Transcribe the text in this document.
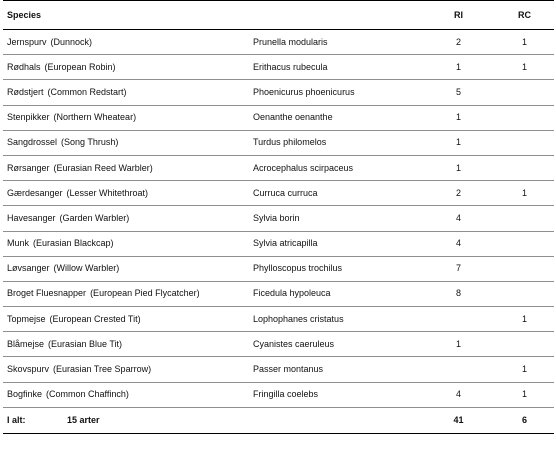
Species		RI	RC
Jernspurv (Dunnock)	Prunella modularis	2	1
Rødhals (European Robin)	Erithacus rubecula	1	1
Rødstjert (Common Redstart)	Phoenicurus phoenicurus	5	
Stenpikker (Northern Wheatear)	Oenanthe oenanthe	1	
Sangdrossel (Song Thrush)	Turdus philomelos	1	
Rørsanger (Eurasian Reed Warbler)	Acrocephalus scirpaceus	1	
Gærdesanger (Lesser Whitethroat)	Curruca curruca	2	1
Havesanger (Garden Warbler)	Sylvia borin	4	
Munk (Eurasian Blackcap)	Sylvia atricapilla	4	
Løvsanger (Willow Warbler)	Phylloscopus trochilus	7	
Broget Fluesnapper (European Pied Flycatcher)	Ficedula hypoleuca	8	
Topmejse (European Crested Tit)	Lophophanes cristatus		1
Blåmejse (Eurasian Blue Tit)	Cyanistes caeruleus	1	
Skovspurv (Eurasian Tree Sparrow)	Passer montanus		1
Bogfinke (Common Chaffinch)	Fringilla coelebs	4	1
I alt: 15 arter		41	6
